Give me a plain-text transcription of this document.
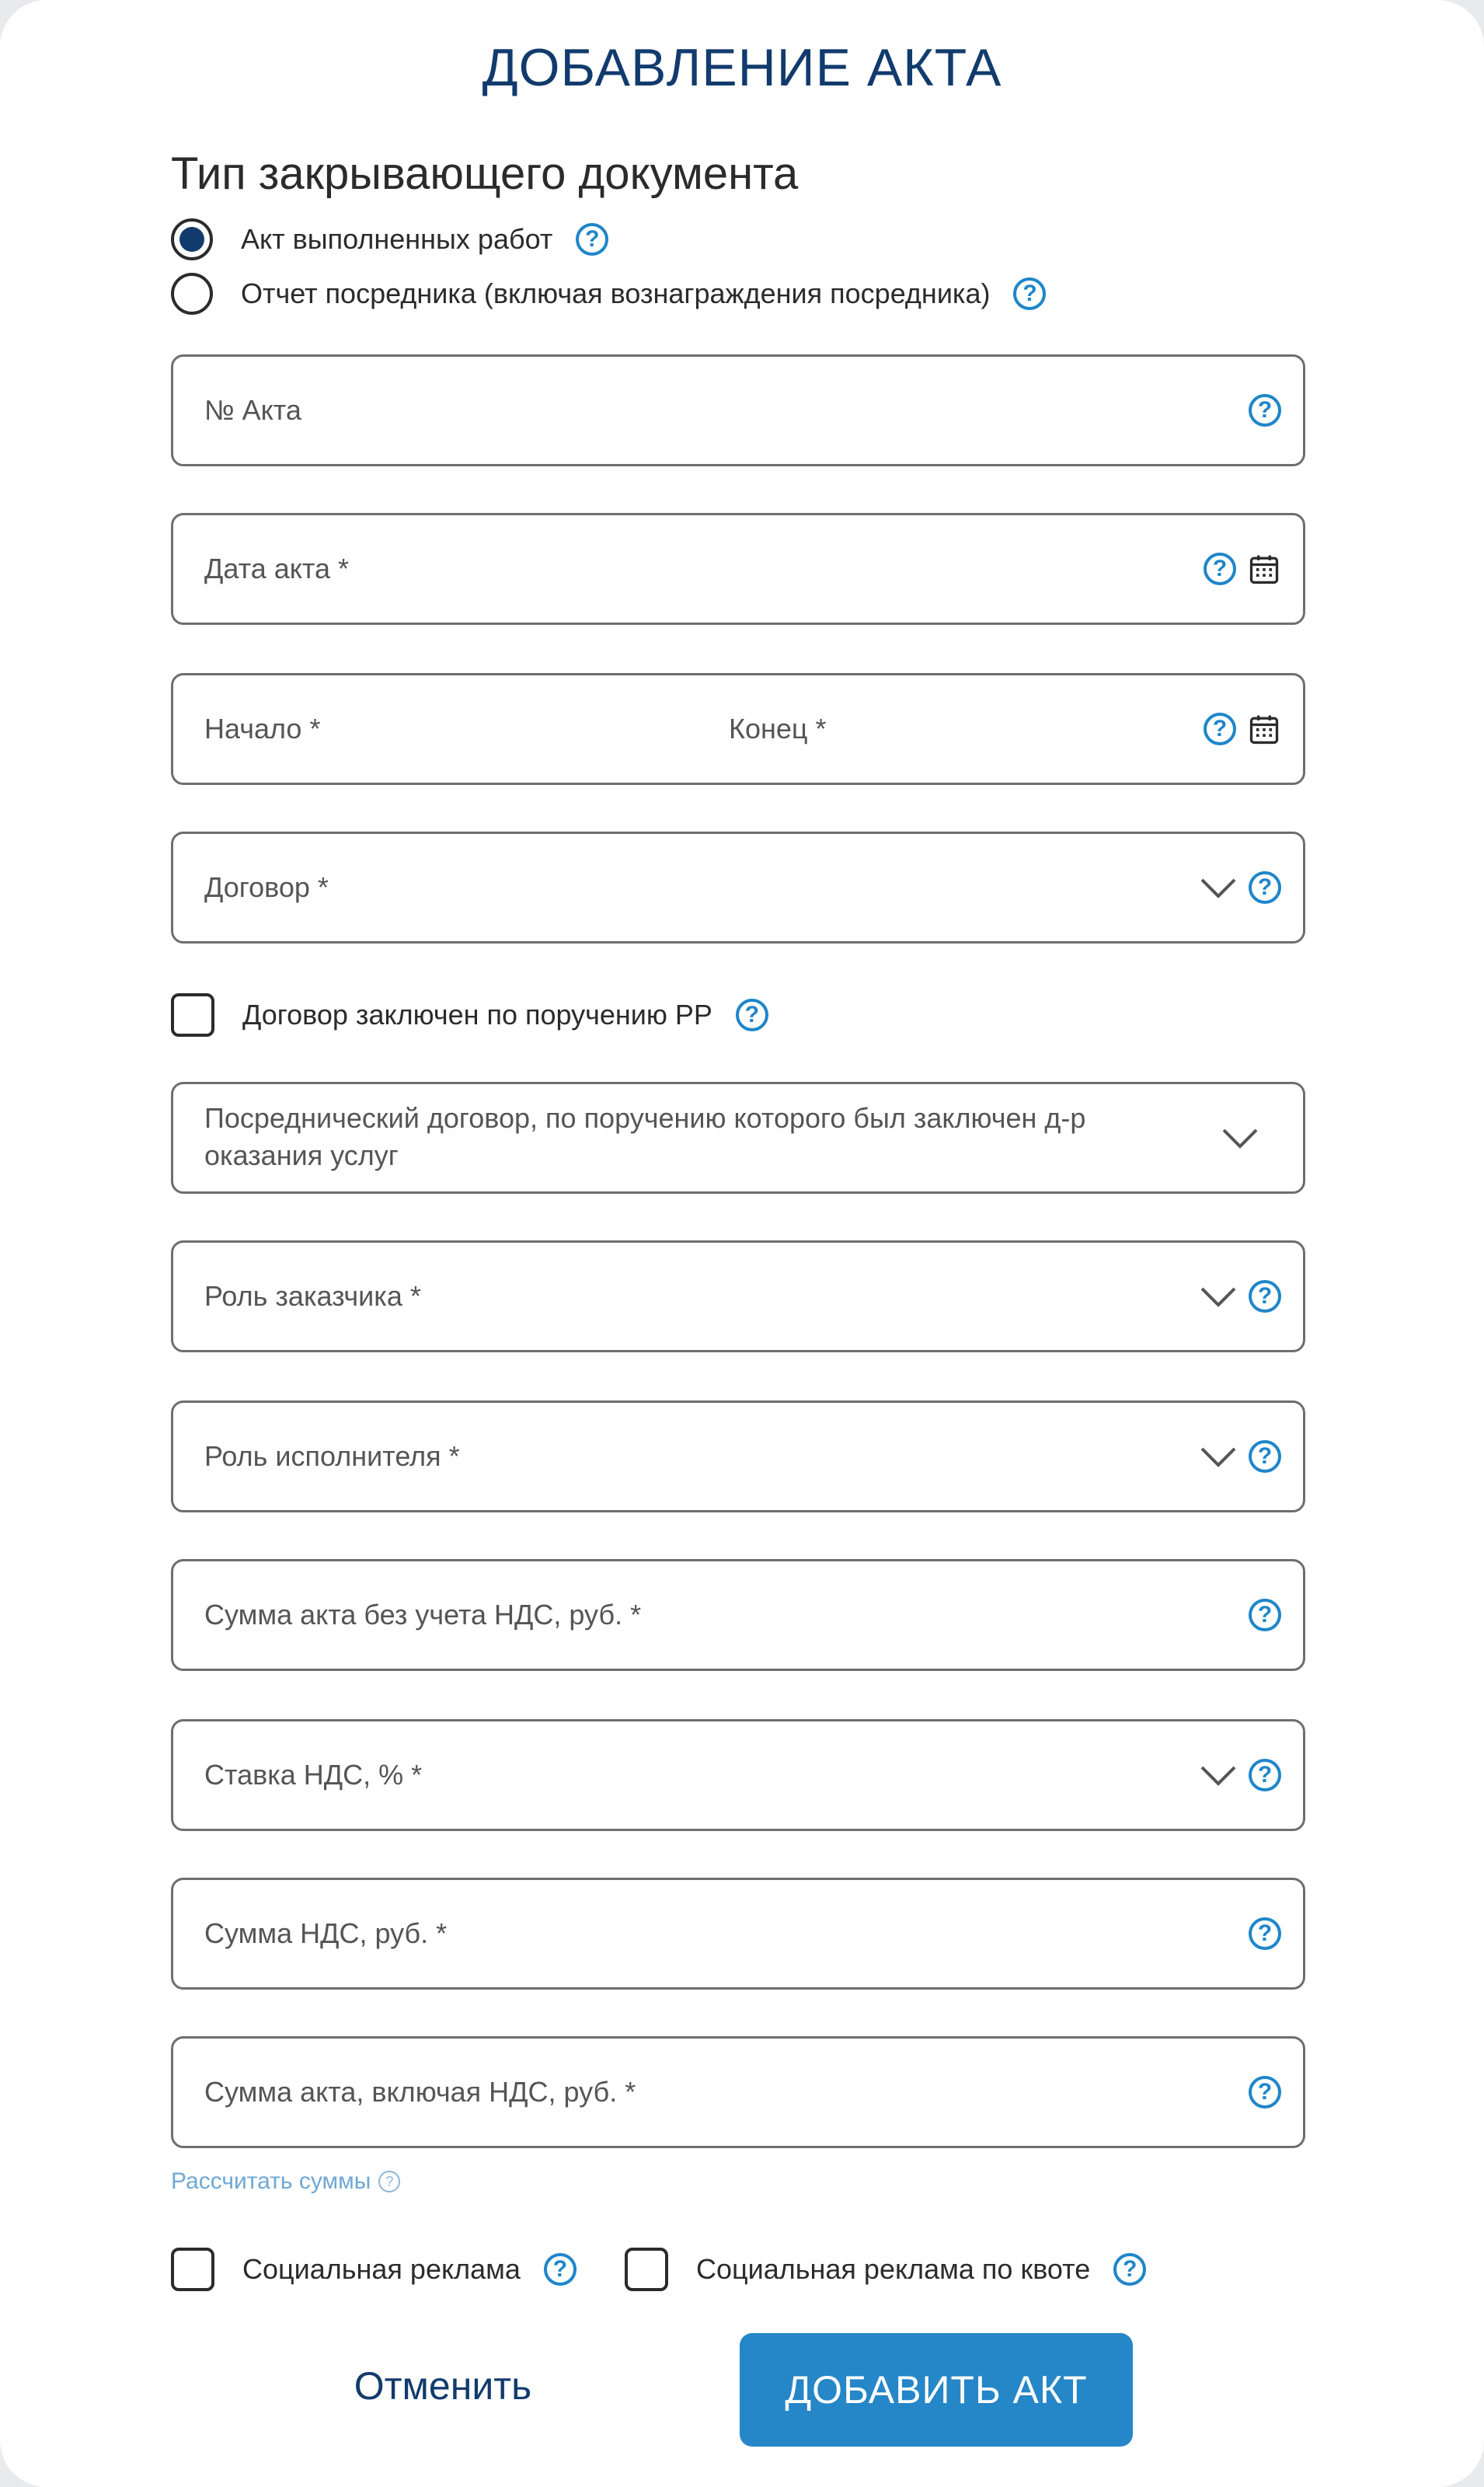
ДОБАВЛЕНИЕ АКТА
Тип закрывающего документа
Акт выполненных работ	?
Отчет посредника (включая вознаграждения посредника)	?
№ Акта	?
Дата акта *	?
Начало *	Конец *	?
Договор *	?
Договор заключен по поручению РР	?
Посреднический договор, по поручению которого был заключен д-р оказания услуг
Роль заказчика *	?
Роль исполнителя *	?
Сумма акта без учета НДС, руб. *	?
Ставка НДС, % *	?
Сумма НДС, руб. *	?
Сумма акта, включая НДС, руб. *	?
Рассчитать суммы	?
Социальная реклама	?	Социальная реклама по квоте	?
Отменить	ДОБАВИТЬ АКТ
